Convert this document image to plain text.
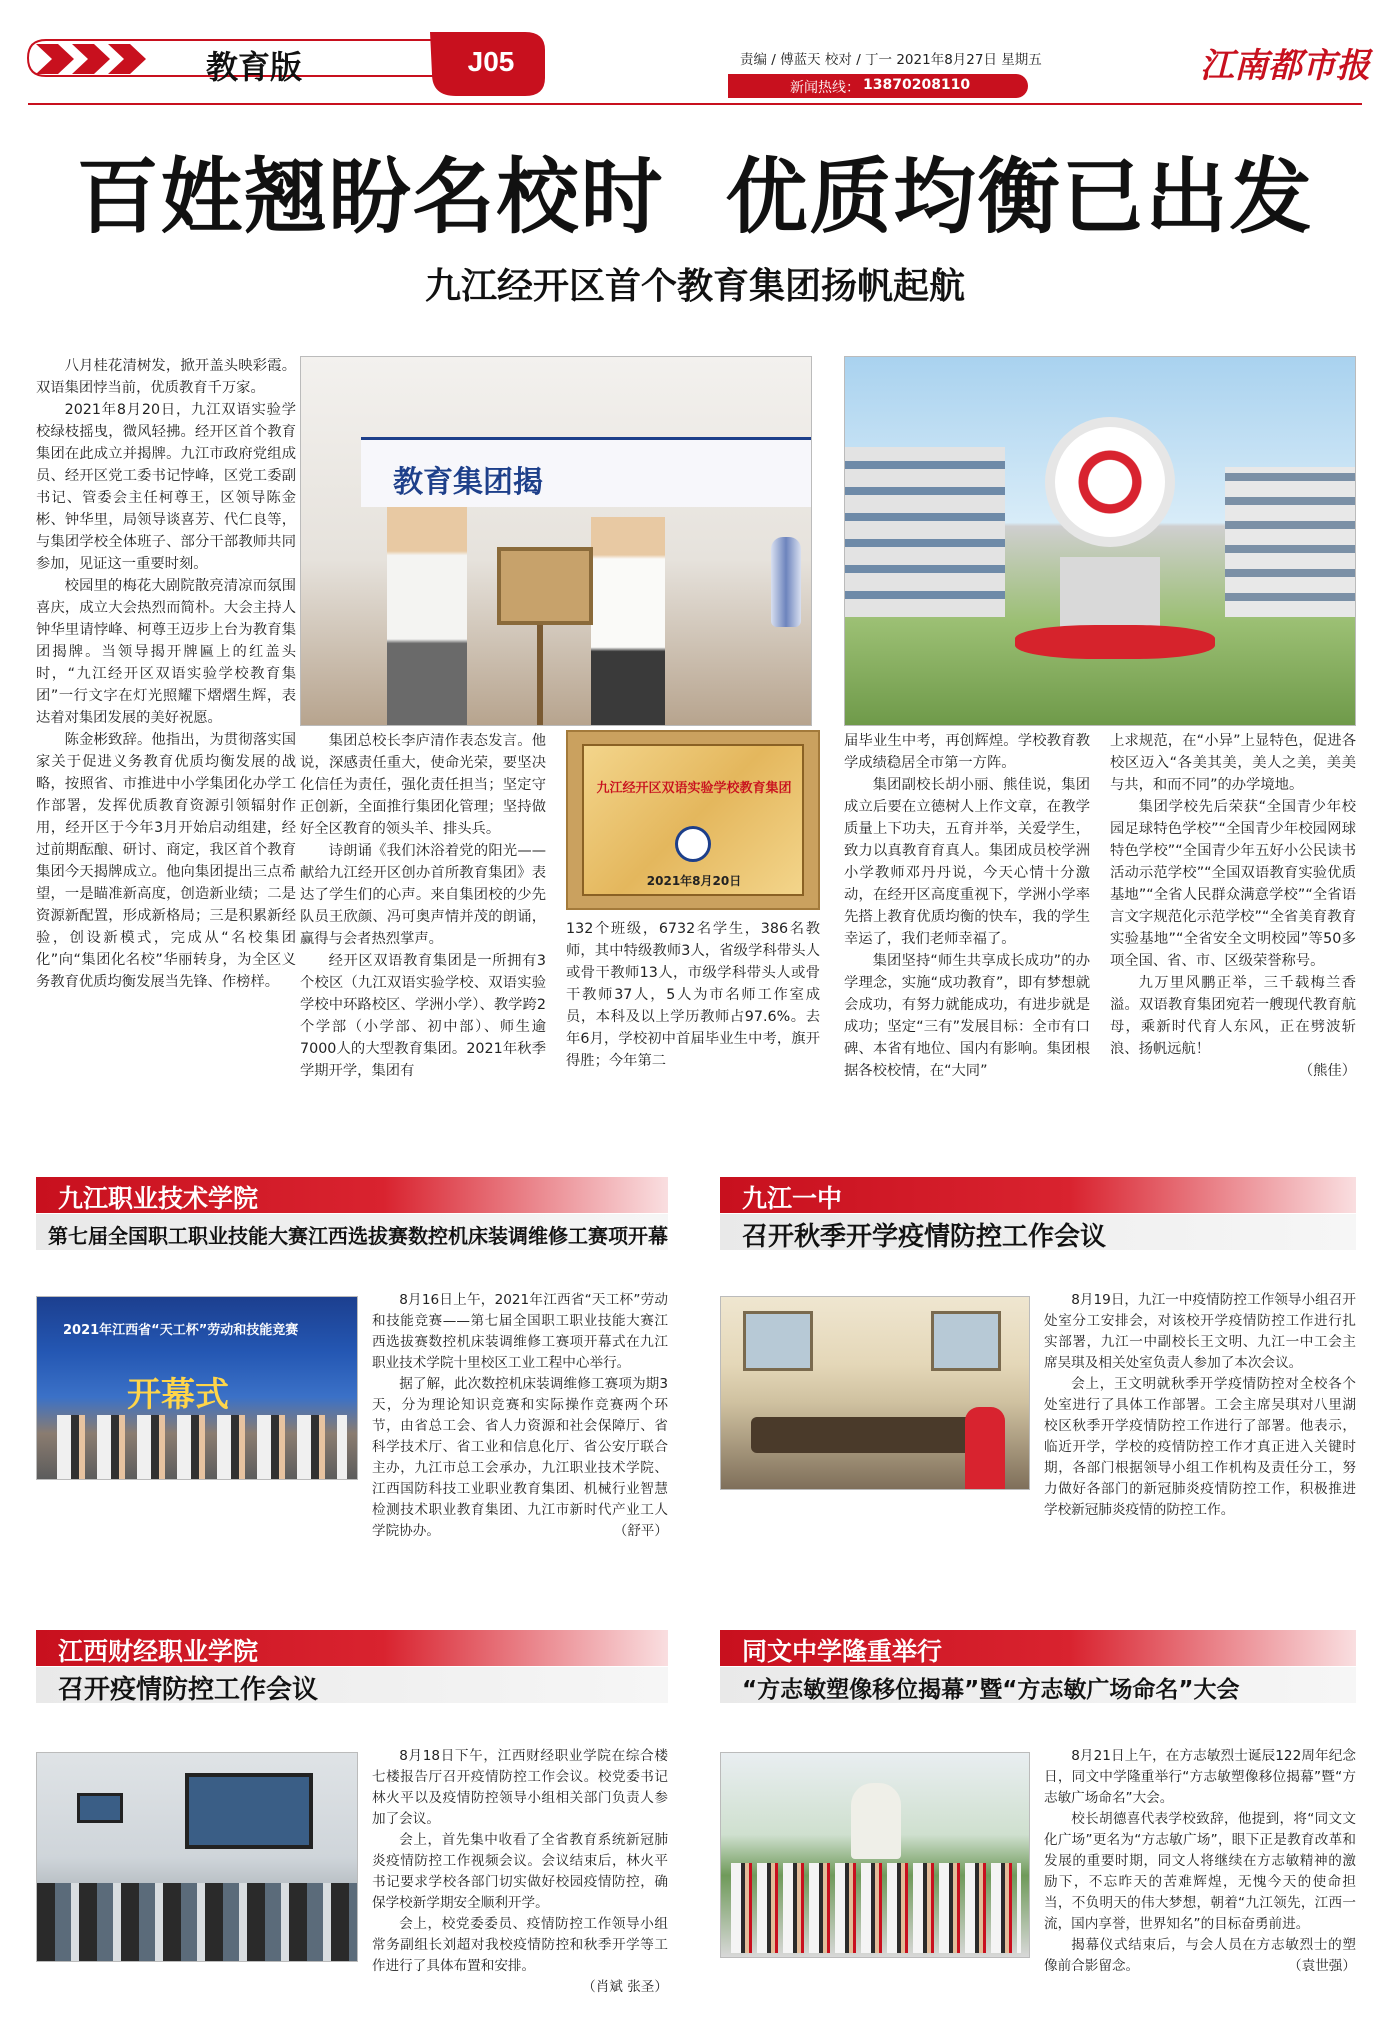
教育版	J05	责编 / 傅蓝天 校对 / 丁一 2021年8月27日 星期五
新闻热线： 13870208110	江南都市报
百姓翘盼名校时  优质均衡已出发
九江经开区首个教育集团扬帆起航

八月桂花清树发，掀开盖头映彩霞。双语集团悖当前，优质教育千万家。

2021年8月20日，九江双语实验学校绿枝摇曳，微风轻拂。经开区首个教育集团在此成立并揭牌。九江市政府党组成员、经开区党工委书记悖峰，区党工委副书记、管委会主任柯尊王，区领导陈金彬、钟华里，局领导谈喜芳、代仁良等，与集团学校全体班子、部分干部教师共同参加，见证这一重要时刻。

校园里的梅花大剧院散亮清凉而氛围喜庆，成立大会热烈而简朴。大会主持人钟华里请悖峰、柯尊王迈步上台为教育集团揭牌。当领导揭开牌匾上的红盖头时，“九江经开区双语实验学校教育集团”一行文字在灯光照耀下熠熠生辉，表达着对集团发展的美好祝愿。

陈金彬致辞。他指出，为贯彻落实国家关于促进义务教育优质均衡发展的战略，按照省、市推进中小学集团化办学工作部署，发挥优质教育资源引领辐射作用，经开区于今年3月开始启动组建，经过前期酝酿、研讨、商定，我区首个教育集团今天揭牌成立。他向集团提出三点希望，一是瞄准新高度，创造新业绩；二是资源新配置，形成新格局；三是积累新经验，创设新模式，完成从“名校集团化”向“集团化名校”华丽转身，为全区义务教育优质均衡发展当先锋、作榜样。

教育集团揭

集团总校长李庐清作表态发言。他说，深感责任重大，使命光荣，要坚决化信任为责任，强化责任担当；坚定守正创新，全面推行集团化管理；坚持做好全区教育的领头羊、排头兵。

诗朗诵《我们沐浴着党的阳光——献给九江经开区创办首所教育集团》表达了学生们的心声。来自集团校的少先队员王欣颜、冯可奥声情并茂的朗诵，赢得与会者热烈掌声。

经开区双语教育集团是一所拥有3个校区（九江双语实验学校、双语实验学校中环路校区、学洲小学）、教学跨2个学部（小学部、初中部）、师生逾7000人的大型教育集团。2021年秋季学期开学，集团有

九江经开区双语实验学校教育集团
2021年8月20日

132个班级，6732名学生，386名教师，其中特级教师3人，省级学科带头人或骨干教师13人，市级学科带头人或骨干教师37人，5人为市名师工作室成员，本科及以上学历教师占97.6%。去年6月，学校初中首届毕业生中考，旗开得胜；今年第二

届毕业生中考，再创辉煌。学校教育教学成绩稳居全市第一方阵。

集团副校长胡小丽、熊佳说，集团成立后要在立德树人上作文章，在教学质量上下功夫，五育并举，关爱学生，致力以真教育育真人。集团成员校学洲小学教师邓丹丹说，今天心情十分激动，在经开区高度重视下，学洲小学率先搭上教育优质均衡的快车，我的学生幸运了，我们老师幸福了。

集团坚持“师生共享成长成功”的办学理念，实施“成功教育”，即有梦想就会成功，有努力就能成功，有进步就是成功；坚定“三有”发展目标：全市有口碑、本省有地位、国内有影响。集团根据各校校情，在“大同”

上求规范，在“小异”上显特色，促进各校区迈入“各美其美，美人之美，美美与共，和而不同”的办学境地。

集团学校先后荣获“全国青少年校园足球特色学校”“全国青少年校园网球特色学校”“全国青少年五好小公民读书活动示范学校”“全国双语教育实验优质基地”“全省人民群众满意学校”“全省语言文字规范化示范学校”“全省美育教育实验基地”“全省安全文明校园”等50多项全国、省、市、区级荣誉称号。

九万里风鹏正举，三千载梅兰香溢。双语教育集团宛若一艘现代教育航母，乘新时代育人东风，正在劈波斩浪、扬帆远航！

（熊佳）

九江职业技术学院
第七届全国职工职业技能大赛江西选拔赛数控机床装调维修工赛项开幕
2021年江西省“天工杯”劳动和技能竞赛
开幕式

8月16日上午，2021年江西省“天工杯”劳动和技能竞赛——第七届全国职工职业技能大赛江西选拔赛数控机床装调维修工赛项开幕式在九江职业技术学院十里校区工业工程中心举行。

据了解，此次数控机床装调维修工赛项为期3天，分为理论知识竞赛和实际操作竞赛两个环节，由省总工会、省人力资源和社会保障厅、省科学技术厅、省工业和信息化厅、省公安厅联合主办，九江市总工会承办，九江职业技术学院、江西国防科技工业职业教育集团、机械行业智慧检测技术职业教育集团、九江市新时代产业工人学院协办。	（舒平）

九江一中
召开秋季开学疫情防控工作会议

8月19日，九江一中疫情防控工作领导小组召开处室分工安排会，对该校开学疫情防控工作进行扎实部署，九江一中副校长王文明、九江一中工会主席吴琪及相关处室负责人参加了本次会议。

会上，王文明就秋季开学疫情防控对全校各个处室进行了具体工作部署。工会主席吴琪对八里湖校区秋季开学疫情防控工作进行了部署。他表示，临近开学，学校的疫情防控工作才真正进入关键时期，各部门根据领导小组工作机构及责任分工，努力做好各部门的新冠肺炎疫情防控工作，积极推进学校新冠肺炎疫情的防控工作。

江西财经职业学院
召开疫情防控工作会议

8月18日下午，江西财经职业学院在综合楼七楼报告厅召开疫情防控工作会议。校党委书记林火平以及疫情防控领导小组相关部门负责人参加了会议。

会上，首先集中收看了全省教育系统新冠肺炎疫情防控工作视频会议。会议结束后，林火平书记要求学校各部门切实做好校园疫情防控，确保学校新学期安全顺利开学。

会上，校党委委员、疫情防控工作领导小组常务副组长刘超对我校疫情防控和秋季开学等工作进行了具体布置和安排。

（肖斌 张圣）

同文中学隆重举行
“方志敏塑像移位揭幕”暨“方志敏广场命名”大会

8月21日上午，在方志敏烈士诞辰122周年纪念日，同文中学隆重举行“方志敏塑像移位揭幕”暨“方志敏广场命名”大会。

校长胡德喜代表学校致辞，他提到，将“同文文化广场”更名为“方志敏广场”，眼下正是教育改革和发展的重要时期，同文人将继续在方志敏精神的激励下，不忘昨天的苦难辉煌，无愧今天的使命担当，不负明天的伟大梦想，朝着“九江领先，江西一流，国内享誉，世界知名”的目标奋勇前进。

揭幕仪式结束后，与会人员在方志敏烈士的塑像前合影留念。	（袁世强）
